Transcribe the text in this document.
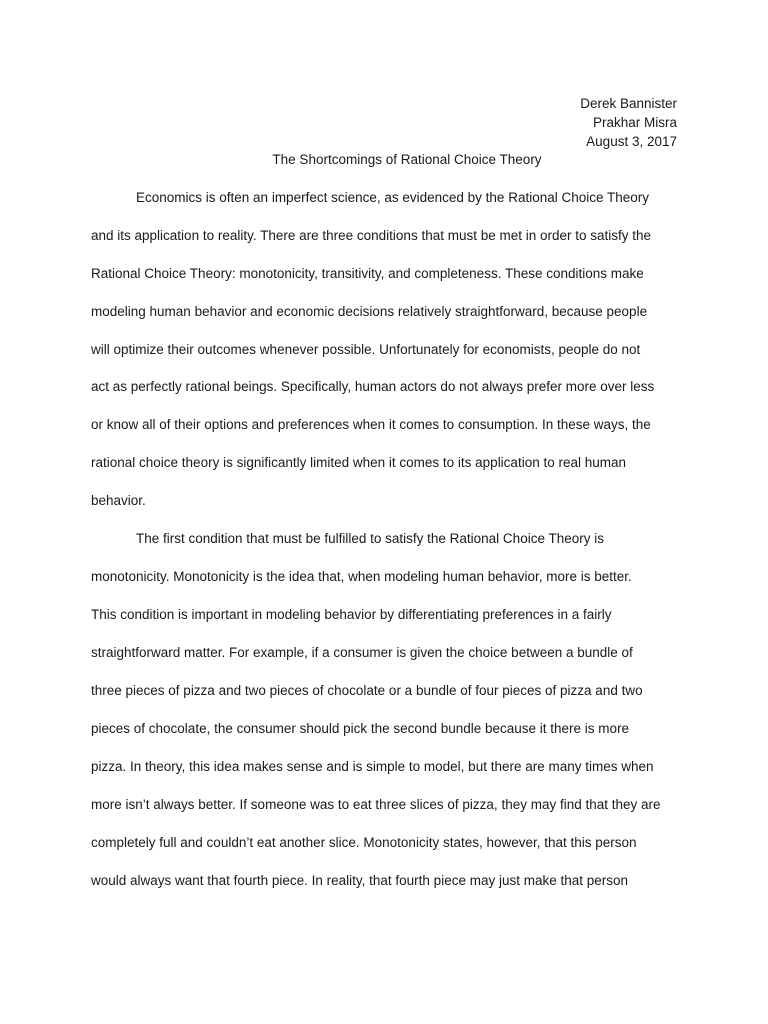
Derek Bannister
Prakhar Misra
August 3, 2017
The Shortcomings of Rational Choice Theory
Economics is often an imperfect science, as evidenced by the Rational Choice Theory
and its application to reality. There are three conditions that must be met in order to satisfy the
Rational Choice Theory: monotonicity, transitivity, and completeness. These conditions make
modeling human behavior and economic decisions relatively straightforward, because people
will optimize their outcomes whenever possible. Unfortunately for economists, people do not
act as perfectly rational beings. Specifically, human actors do not always prefer more over less
or know all of their options and preferences when it comes to consumption. In these ways, the
rational choice theory is significantly limited when it comes to its application to real human
behavior.
The first condition that must be fulfilled to satisfy the Rational Choice Theory is
monotonicity. Monotonicity is the idea that, when modeling human behavior, more is better.
This condition is important in modeling behavior by differentiating preferences in a fairly
straightforward matter. For example, if a consumer is given the choice between a bundle of
three pieces of pizza and two pieces of chocolate or a bundle of four pieces of pizza and two
pieces of chocolate, the consumer should pick the second bundle because it there is more
pizza. In theory, this idea makes sense and is simple to model, but there are many times when
more isn’t always better. If someone was to eat three slices of pizza, they may find that they are
completely full and couldn’t eat another slice. Monotonicity states, however, that this person
would always want that fourth piece. In reality, that fourth piece may just make that person
